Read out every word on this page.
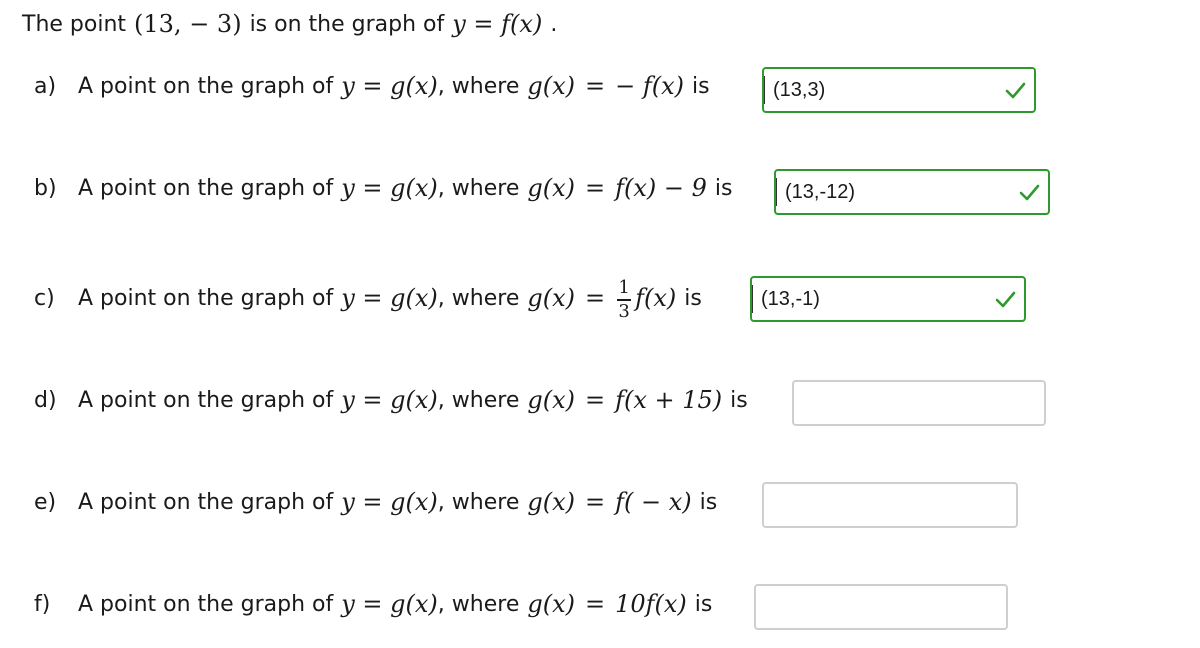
The point (13, − 3) is on the graph of y = f(x) .
a) A point on the graph of y = g(x) , where g(x) = − f(x) is	(13,3)
b) A point on the graph of y = g(x) , where g(x) = f(x) − 9 is	(13,-12)
c)	A point on the graph of y = g(x) , where $g(x) = \frac{1}{3} f(x)$ is	(13,-1)
d) A point on the graph of y = g(x) , where g(x) = f(x + 15) is
e) A point on the graph of y = g(x) , where g(x) = f( − x) is
f)	A point on the graph of y = g(x) , where g(x) = 10f(x) is
